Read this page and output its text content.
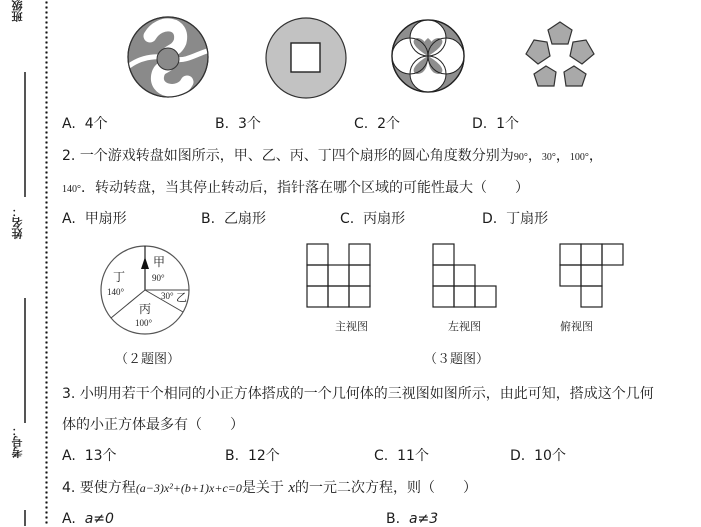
班级
姓名：
考号：
A. 4个	B. 3个	C. 2个	D. 1个
2. 一个游戏转盘如图所示，甲、乙、丙、丁四个扇形的圆心角度数分别为90°，30°，100°，
140°．转动转盘，当其停止转动后，指针落在哪个区域的可能性最大（　　）
A. 甲扇形	B. 乙扇形	C. 丙扇形	D. 丁扇形
甲
90°
30° 乙
丙
100°
丁
140°
（２题图）
主视图	左视图	俯视图
（３题图）
3. 小明用若干个相同的小正方体搭成的一个几何体的三视图如图所示，由此可知，搭成这个几何
体的小正方体最多有（　　）
A. 13个	B. 12个	C. 11个	D. 10个
4. 要使方程(a−3)x²+(b+1)x+c=0是关于 x的一元二次方程，则（　　）
A. a≠0	B. a≠3
